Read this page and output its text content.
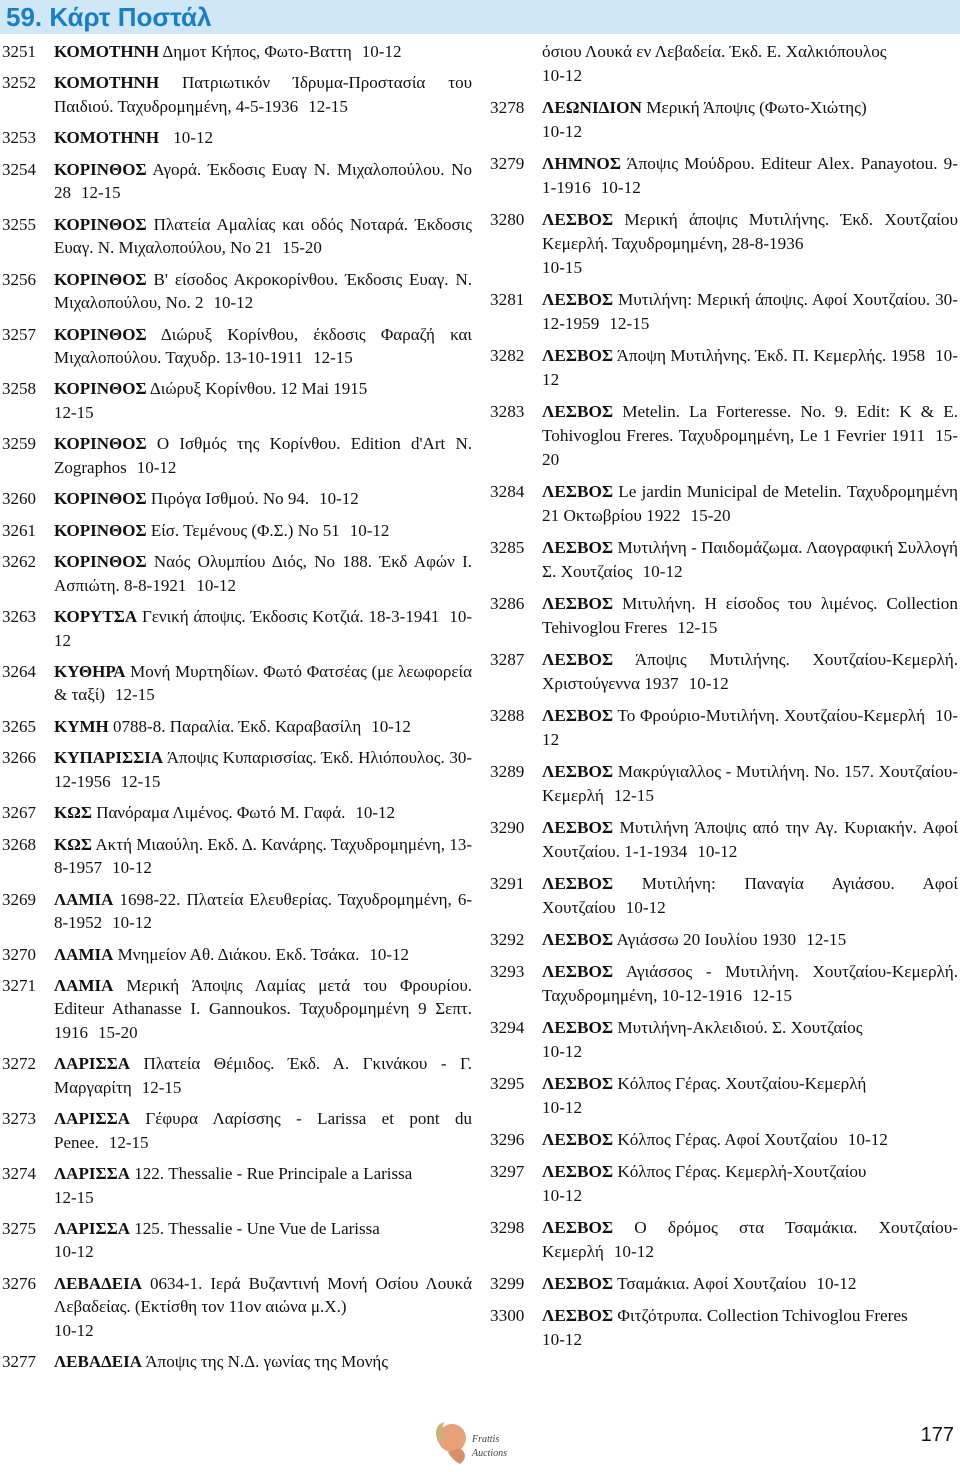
59. Κάρτ Ποστάλ
3251 ΚΟΜΟΤΗΝΗ Δημοτ Κήπος, Φωτο-Βαττη 10-12
3252 ΚΟΜΟΤΗΝΗ Πατριωτικόν Ίδρυμα-Προστασία του Παιδιού. Ταχυδρομημένη, 4-5-1936 12-15
3253 ΚΟΜΟΤΗΝΗ 10-12
3254 ΚΟΡΙΝΘΟΣ Αγορά. Έκδοσις Ευαγ Ν. Μιχαλοπούλου. Νο 28 12-15
3255 ΚΟΡΙΝΘΟΣ Πλατεία Αμαλίας και οδός Νοταρά. Έκδοσις Ευαγ. Ν. Μιχαλοπούλου, Νο 21 15-20
3256 ΚΟΡΙΝΘΟΣ Β' είσοδος Ακροκορίνθου. Έκδοσις Ευαγ. Ν. Μιχαλοπούλου, Νο. 2 10-12
3257 ΚΟΡΙΝΘΟΣ Διώρυξ Κορίνθου, έκδοσις Φαραζή και Μιχαλοπούλου. Ταχυδρ. 13-10-1911 12-15
3258 ΚΟΡΙΝΘΟΣ Διώρυξ Κορίνθου. 12 Mai 1915
12-15
3259 ΚΟΡΙΝΘΟΣ Ο Ισθμός της Κορίνθου. Edition d'Art N. Zographos 10-12
3260 ΚΟΡΙΝΘΟΣ Πιρόγα Ισθμού. Νο 94. 10-12
3261 ΚΟΡΙΝΘΟΣ Είσ. Τεμένους (Φ.Σ.) Νο 51 10-12
3262 ΚΟΡΙΝΘΟΣ Ναός Ολυμπίου Διός, Νο 188. Έκδ Αφών Ι. Ασπιώτη. 8-8-1921 10-12
3263 ΚΟΡΥΤΣΑ Γενική άποψις. Έκδοσις Κοτζιά. 18-3-1941 10-12
3264 ΚΥΘΗΡΑ Μονή Μυρτηδίων. Φωτό Φατσέας (με λεωφορεία & ταξί) 12-15
3265 ΚΥΜΗ 0788-8. Παραλία. Έκδ. Καραβασίλη 10-12
3266 ΚΥΠΑΡΙΣΣΙΑ Άποψις Κυπαρισσίας. Έκδ. Ηλιόπουλος. 30-12-1956 12-15
3267 ΚΩΣ Πανόραμα Λιμένος. Φωτό Μ. Γαφά. 10-12
3268 ΚΩΣ Ακτή Μιαούλη. Εκδ. Δ. Κανάρης. Ταχυδρομημένη, 13-8-1957 10-12
3269 ΛΑΜΙΑ 1698-22. Πλατεία Ελευθερίας. Ταχυδρομημένη, 6-8-1952 10-12
3270 ΛΑΜΙΑ Μνημείον Αθ. Διάκου. Εκδ. Τσάκα. 10-12
3271 ΛΑΜΙΑ Μερική Άποψις Λαμίας μετά του Φρουρίου. Editeur Athanasse I. Gannoukos. Ταχυδρομημένη 9 Σεπτ. 1916 15-20
3272 ΛΑΡΙΣΣΑ Πλατεία Θέμιδος. Έκδ. Α. Γκινάκου - Γ. Μαργαρίτη 12-15
3273 ΛΑΡΙΣΣΑ Γέφυρα Λαρίσσης - Larissa et pont du Penee. 12-15
3274 ΛΑΡΙΣΣΑ 122. Thessalie - Rue Principale a Larissa
12-15
3275 ΛΑΡΙΣΣΑ 125. Thessalie - Une Vue de Larissa
10-12
3276 ΛΕΒΑΔΕΙΑ 0634-1. Ιερά Βυζαντινή Μονή Οσίου Λουκά Λεβαδείας. (Εκτίσθη τον 11ον αιώνα μ.Χ.)
10-12
3277 ΛΕΒΑΔΕΙΑ Άποψις της Ν.Δ. γωνίας της Μονής
όσιου Λουκά εν Λεβαδεία. Έκδ. Ε. Χαλκιόπουλος
10-12
3278 ΛΕΩΝΙΔΙΟΝ Μερική Άποψις (Φωτο-Χιώτης)
10-12
3279 ΛΗΜΝΟΣ Άποψις Μούδρου. Editeur Alex. Panayotou. 9-1-1916 10-12
3280 ΛΕΣΒΟΣ Μερική άποψις Μυτιλήνης. Έκδ. Χουτζαίου Κεμερλή. Ταχυδρομημένη, 28-8-1936
10-15
3281 ΛΕΣΒΟΣ Μυτιλήνη: Μερική άποψις. Αφοί Χουτζαίου. 30-12-1959 12-15
3282 ΛΕΣΒΟΣ Άποψη Μυτιλήνης. Έκδ. Π. Κεμερλής. 1958 10-12
3283 ΛΕΣΒΟΣ Metelin. La Forteresse. No. 9. Edit: K & E. Tohivoglou Freres. Ταχυδρομημένη, Le 1 Fevrier 1911 15-20
3284 ΛΕΣΒΟΣ Le jardin Municipal de Metelin. Ταχυδρομημένη 21 Οκτωβρίου 1922 15-20
3285 ΛΕΣΒΟΣ Μυτιλήνη - Παιδομάζωμα. Λαογραφική Συλλογή Σ. Χουτζαίος 10-12
3286 ΛΕΣΒΟΣ Μιτυλήνη. Η είσοδος του λιμένος. Collection Tehivoglou Freres 12-15
3287 ΛΕΣΒΟΣ Άποψις Μυτιλήνης. Χουτζαίου-Κεμερλή. Χριστούγεννα 1937 10-12
3288 ΛΕΣΒΟΣ Το Φρούριο-Μυτιλήνη. Χουτζαίου-Κεμερλή 10-12
3289 ΛΕΣΒΟΣ Μακρύγιαλλος - Μυτιλήνη. No. 157. Χουτζαίου-Κεμερλή 12-15
3290 ΛΕΣΒΟΣ Μυτιλήνη Άποψις από την Αγ. Κυριακήν. Αφοί Χουτζαίου. 1-1-1934 10-12
3291 ΛΕΣΒΟΣ Μυτιλήνη: Παναγία Αγιάσου. Αφοί Χουτζαίου 10-12
3292 ΛΕΣΒΟΣ Αγιάσσω 20 Ιουλίου 1930 12-15
3293 ΛΕΣΒΟΣ Αγιάσσος - Μυτιλήνη. Χουτζαίου-Κεμερλή. Ταχυδρομημένη, 10-12-1916 12-15
3294 ΛΕΣΒΟΣ Μυτιλήνη-Ακλειδιού. Σ. Χουτζαίος
10-12
3295 ΛΕΣΒΟΣ Κόλπος Γέρας. Χουτζαίου-Κεμερλή
10-12
3296 ΛΕΣΒΟΣ Κόλπος Γέρας. Αφοί Χουτζαίου 10-12
3297 ΛΕΣΒΟΣ Κόλπος Γέρας. Κεμερλή-Χουτζαίου
10-12
3298 ΛΕΣΒΟΣ Ο δρόμος στα Τσαμάκια. Χουτζαίου-Κεμερλή 10-12
3299 ΛΕΣΒΟΣ Τσαμάκια. Αφοί Χουτζαίου 10-12
3300 ΛΕΣΒΟΣ Φιτζότρυπα. Collection Tchivoglou Freres
10-12
Frattis
Auctions
177
